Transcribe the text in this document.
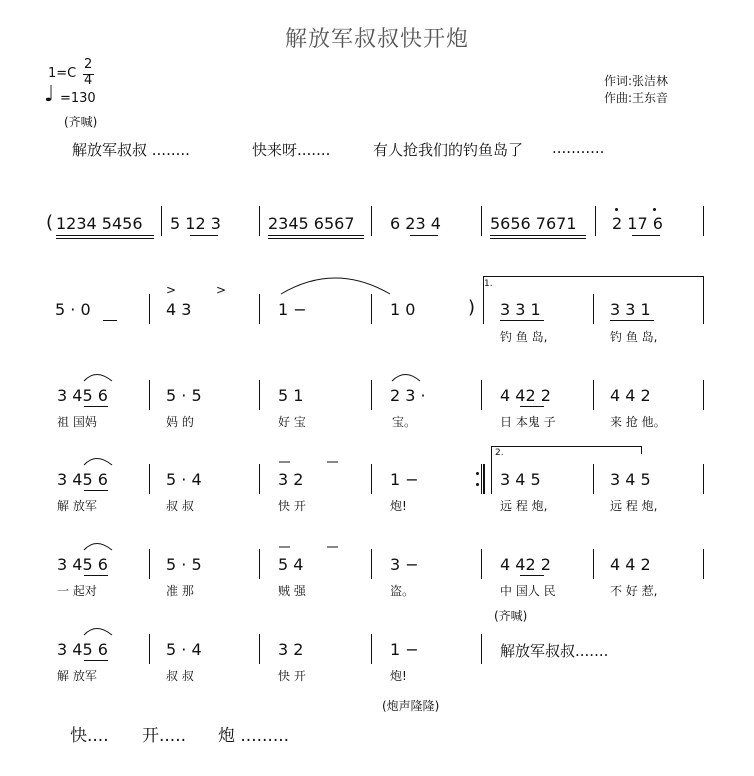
解放军叔叔快开炮
1=C
2
4
♩ =130
作词:张洁林
作曲:王东音
(齐喊)
解放军叔叔 ........	快来呀.......	有人抢我们的钓鱼岛了 ...........
( 1234 5456 5 12 3	2345 6567 6 23 4	5656 7671 2 17 6
5 · 0	4 3	1 −	1 0	)
>	>	1.
3 3 1	3 3 1
钓 鱼 岛,	钓 鱼 岛,
3 45 6	5 · 5	5 1	2 3 ·	4 42 2	4 4 2
祖 国妈	妈 的	好 宝	宝。	日 本鬼 子	来 抢 他。
3 45 6	5 · 4	3 2	1 −	3 4 5	3 4 5
解 放军	叔 叔	快 开	炮!	远 程 炮,	远 程 炮,
2.
3 45 6	5 · 5	5 4	3 −	4 42 2	4 4 2
一 起对	准 那	贼 强	盗。	中 国人 民	不 好 惹,
(齐喊)
3 45 6	5 · 4	3 2	1 −
解 放军	叔 叔	快 开	炮!
解放军叔叔.......
(炮声隆隆)
快.... 开..... 炮 .........
